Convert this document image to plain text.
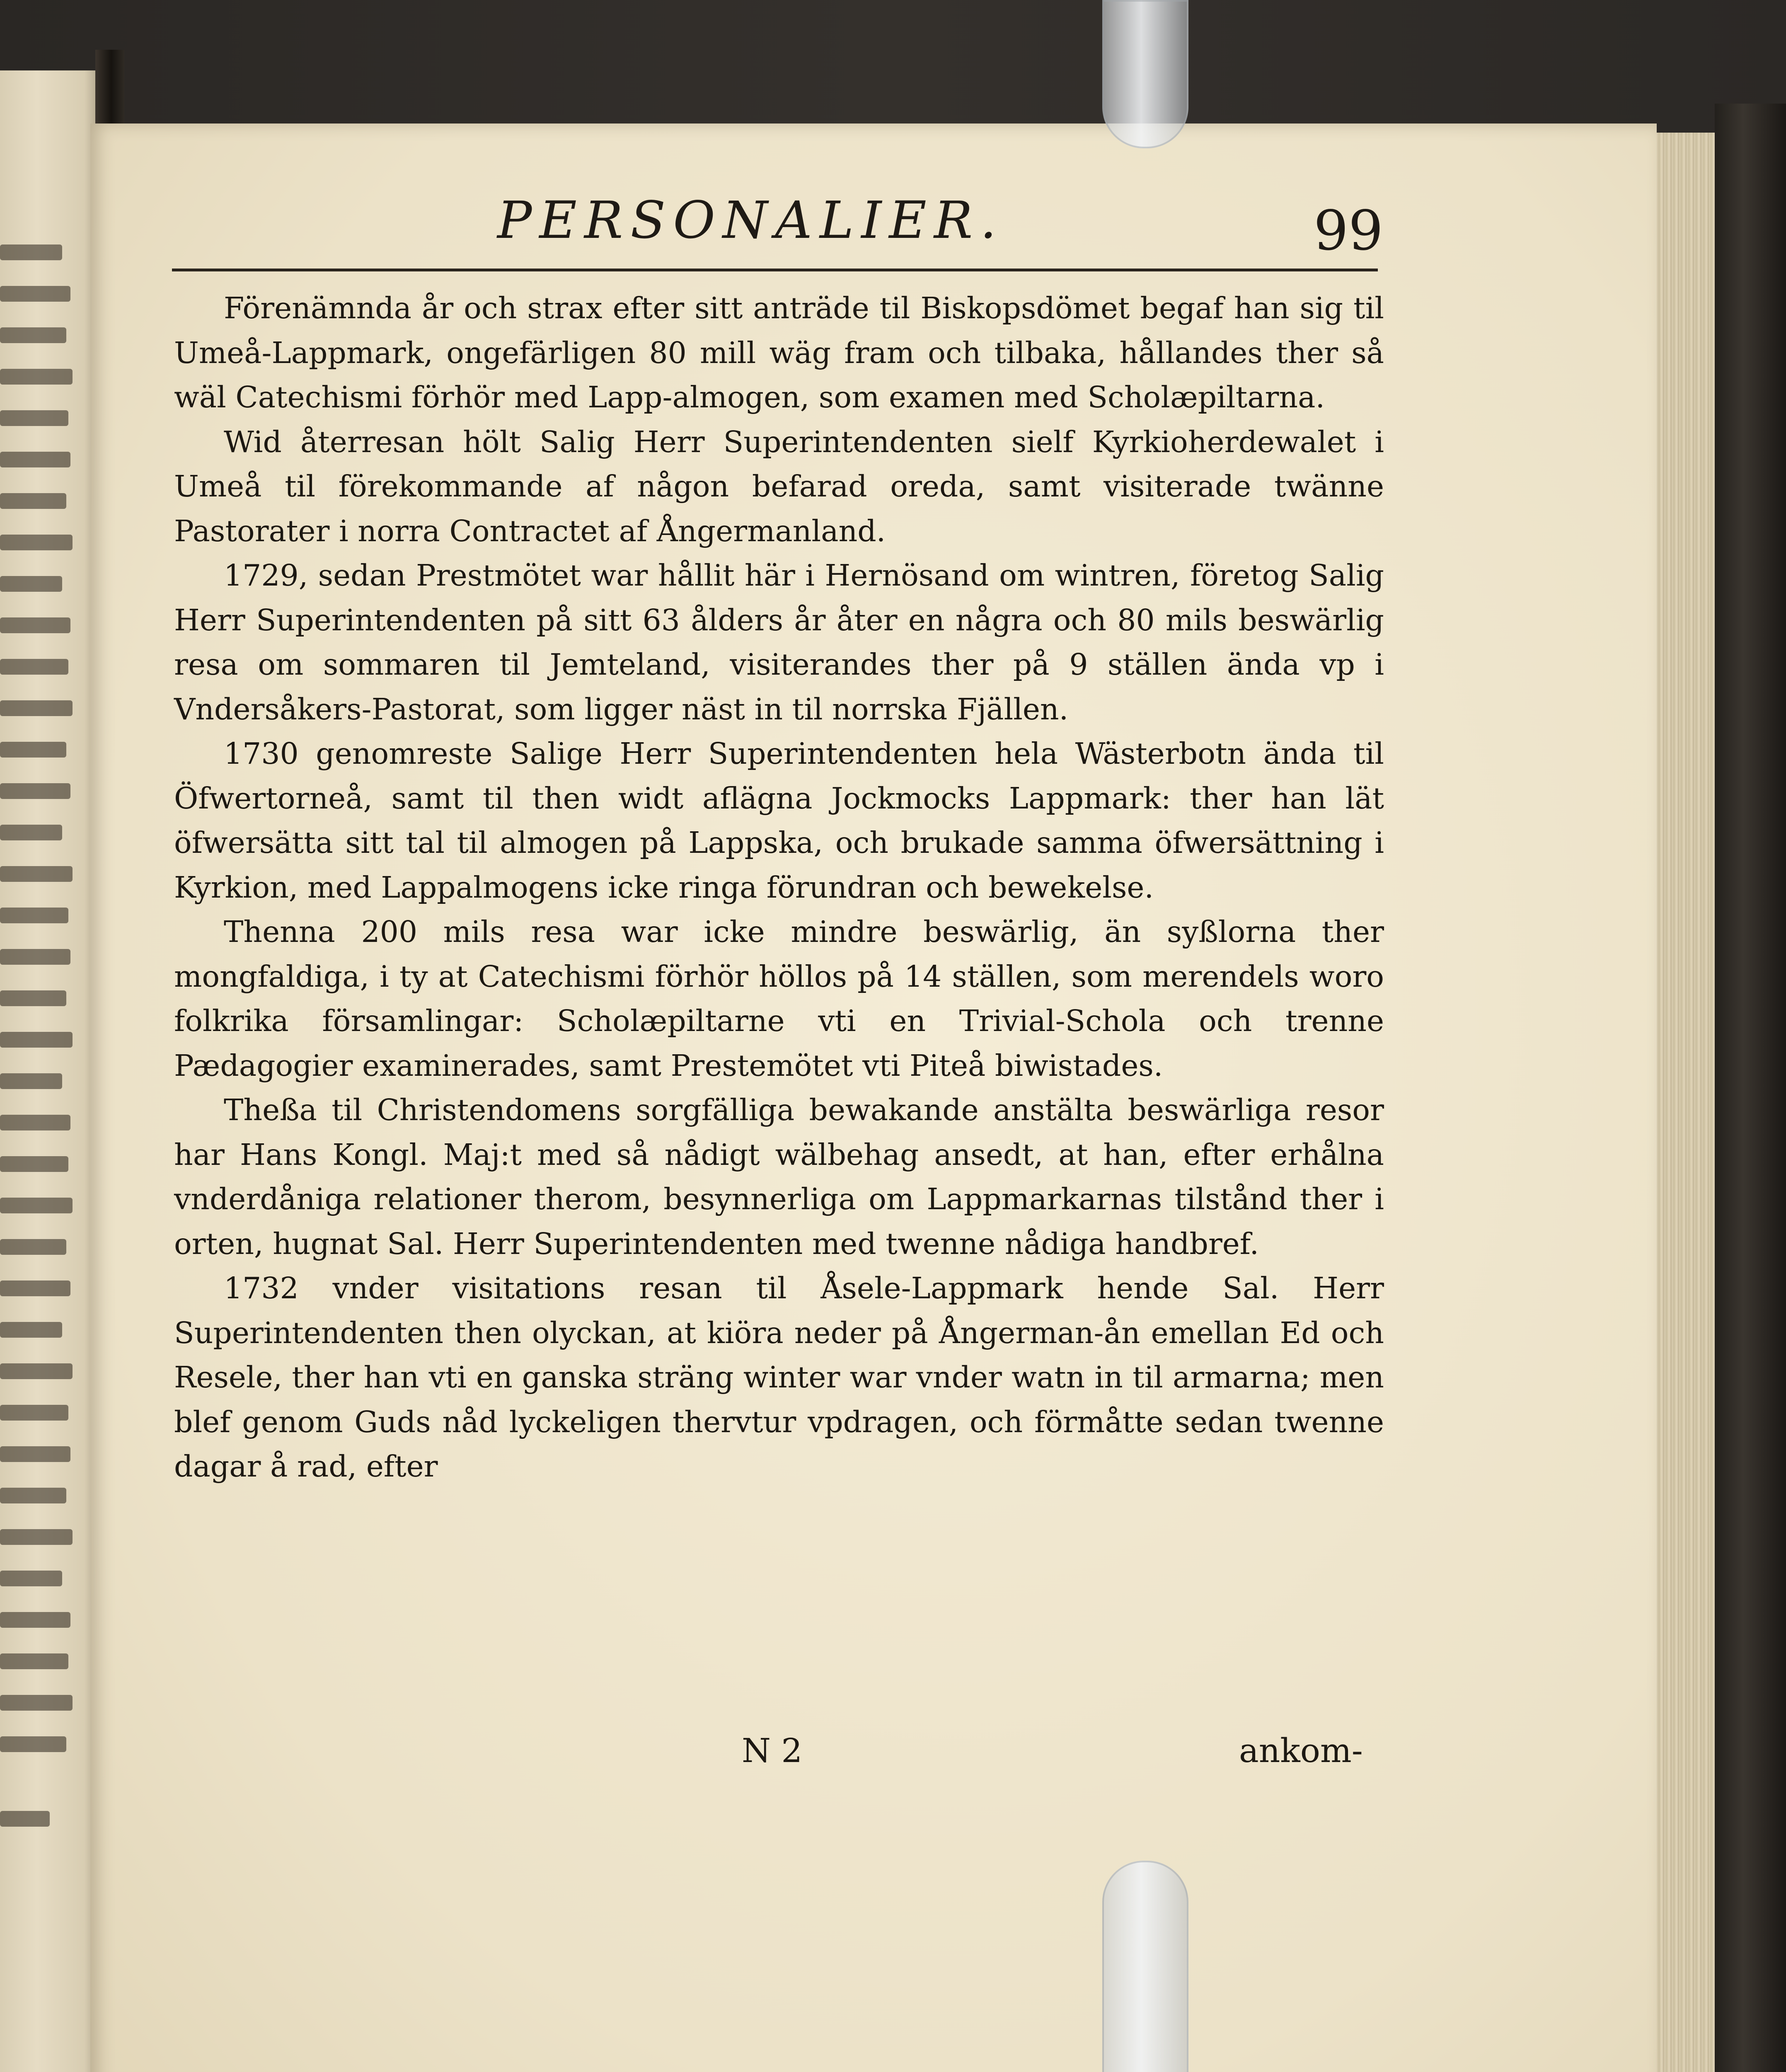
PERSONALIER.	99

Förenämnda år och strax efter sitt anträde til Biskopsdömet begaf han sig til Umeå-Lappmark, ongefärligen 80 mill wäg fram och tilbaka, hållandes ther så wäl Catechismi förhör med Lapp-almogen, som examen med Scholæpiltarna.

Wid återresan hölt Salig Herr Superintendenten sielf Kyrkioherdewalet i Umeå til förekommande af någon befarad oreda, samt visiterade twänne Pastorater i norra Contractet af Ångermanland.

1729, sedan Prestmötet war hållit här i Hernösand om wintren, företog Salig Herr Superintendenten på sitt 63 ålders år åter en några och 80 mils beswärlig resa om sommaren til Jemteland, visiterandes ther på 9 ställen ända vp i Vndersåkers-Pastorat, som ligger näst in til norrska Fjällen.

1730 genomreste Salige Herr Superintendenten hela Wästerbotn ända til Öfwertorneå, samt til then widt aflägna Jockmocks Lappmark: ther han lät öfwersätta sitt tal til almogen på Lappska, och brukade samma öfwersättning i Kyrkion, med Lappalmogens icke ringa förundran och bewekelse.

Thenna 200 mils resa war icke mindre beswärlig, än syßlorna ther mongfaldiga, i ty at Catechismi förhör höllos på 14 ställen, som merendels woro folkrika församlingar: Scholæpiltarne vti en Trivial-Schola och trenne Pædagogier examinerades, samt Prestemötet vti Piteå biwistades.

Theßa til Christendomens sorgfälliga bewakande anstälta beswärliga resor har Hans Kongl. Maj:t med så nådigt wälbehag ansedt, at han, efter erhålna vnderdåniga relationer therom, besynnerliga om Lappmarkarnas tilstånd ther i orten, hugnat Sal. Herr Superintendenten med twenne nådiga handbref.

1732 vnder visitations resan til Åsele-Lappmark hende Sal. Herr Superintendenten then olyckan, at kiöra neder på Ångerman-ån emellan Ed och Resele, ther han vti en ganska sträng winter war vnder watn in til armarna; men blef genom Guds nåd lyckeligen thervtur vpdragen, och förmåtte sedan twenne dagar å rad, efter

N 2	ankom-
